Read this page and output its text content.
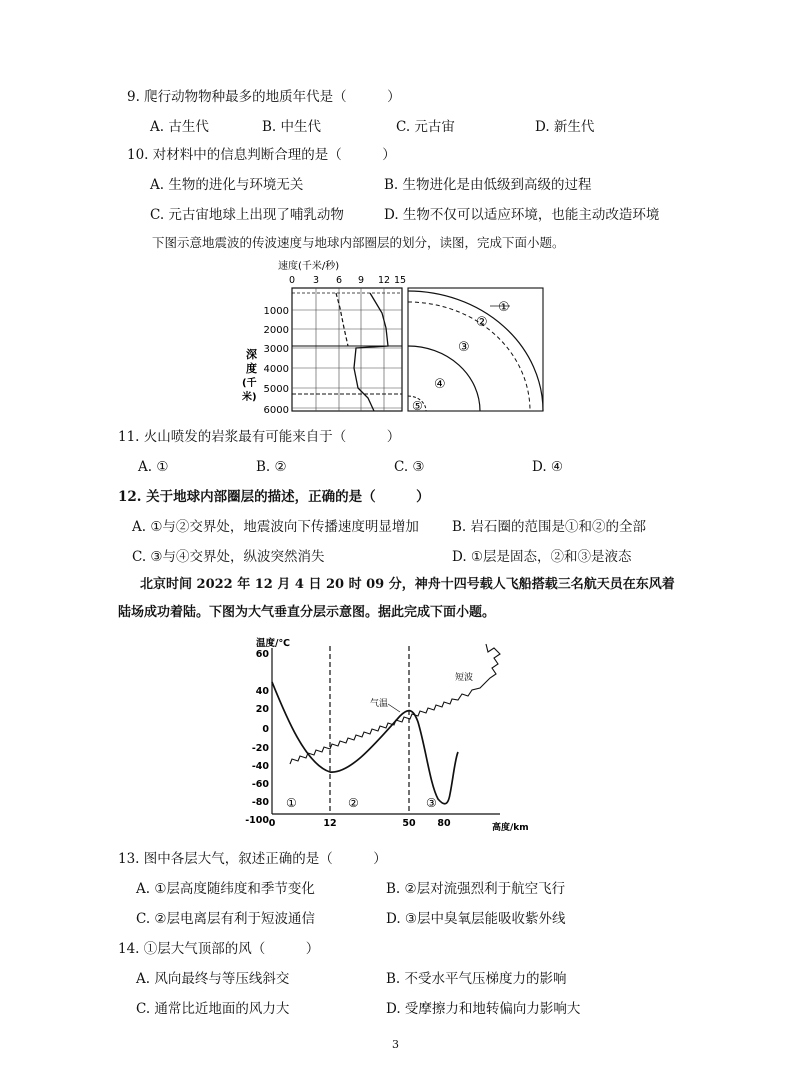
9. 爬行动物物种最多的地质年代是（　　　）
A. 古生代	B. 中生代	C. 元古宙	D. 新生代
10. 对材料中的信息判断合理的是（　　　）
A. 生物的进化与环境无关	B. 生物进化是由低级到高级的过程
C. 元古宙地球上出现了哺乳动物	D. 生物不仅可以适应环境，也能主动改造环境
下图示意地震波的传波速度与地球内部圈层的划分，读图，完成下面小题。
速度(千米/秒)
0 3 6 9 12 15
1000
2000
3000
4000
5000
6000
深
度
(千
米)
①
②
③
④
⑤
11. 火山喷发的岩浆最有可能来自于（　　　）
A. ①	B. ②	C. ③	D. ④
12. 关于地球内部圈层的描述，正确的是（　　　）
A. ①与②交界处，地震波向下传播速度明显增加 B. 岩石圈的范围是①和②的全部
C. ③与④交界处，纵波突然消失	D. ①层是固态，②和③是液态
北京时间 2022 年 12 月 4 日 20 时 09 分，神舟十四号载人飞船搭载三名航天员在东风着
陆场成功着陆。下图为大气垂直分层示意图。据此完成下面小题。
温度/℃
60
40
20
0
-20
-40
-60
-80
-100 0	12	50 80	高度/km
气温
短波
①	②	③
13. 图中各层大气，叙述正确的是（　　　）
A. ①层高度随纬度和季节变化	B. ②层对流强烈利于航空飞行
C. ②层电离层有利于短波通信	D. ③层中臭氧层能吸收紫外线
14. ①层大气顶部的风（　　　）
A. 风向最终与等压线斜交	B. 不受水平气压梯度力的影响
C. 通常比近地面的风力大	D. 受摩擦力和地转偏向力影响大
3
